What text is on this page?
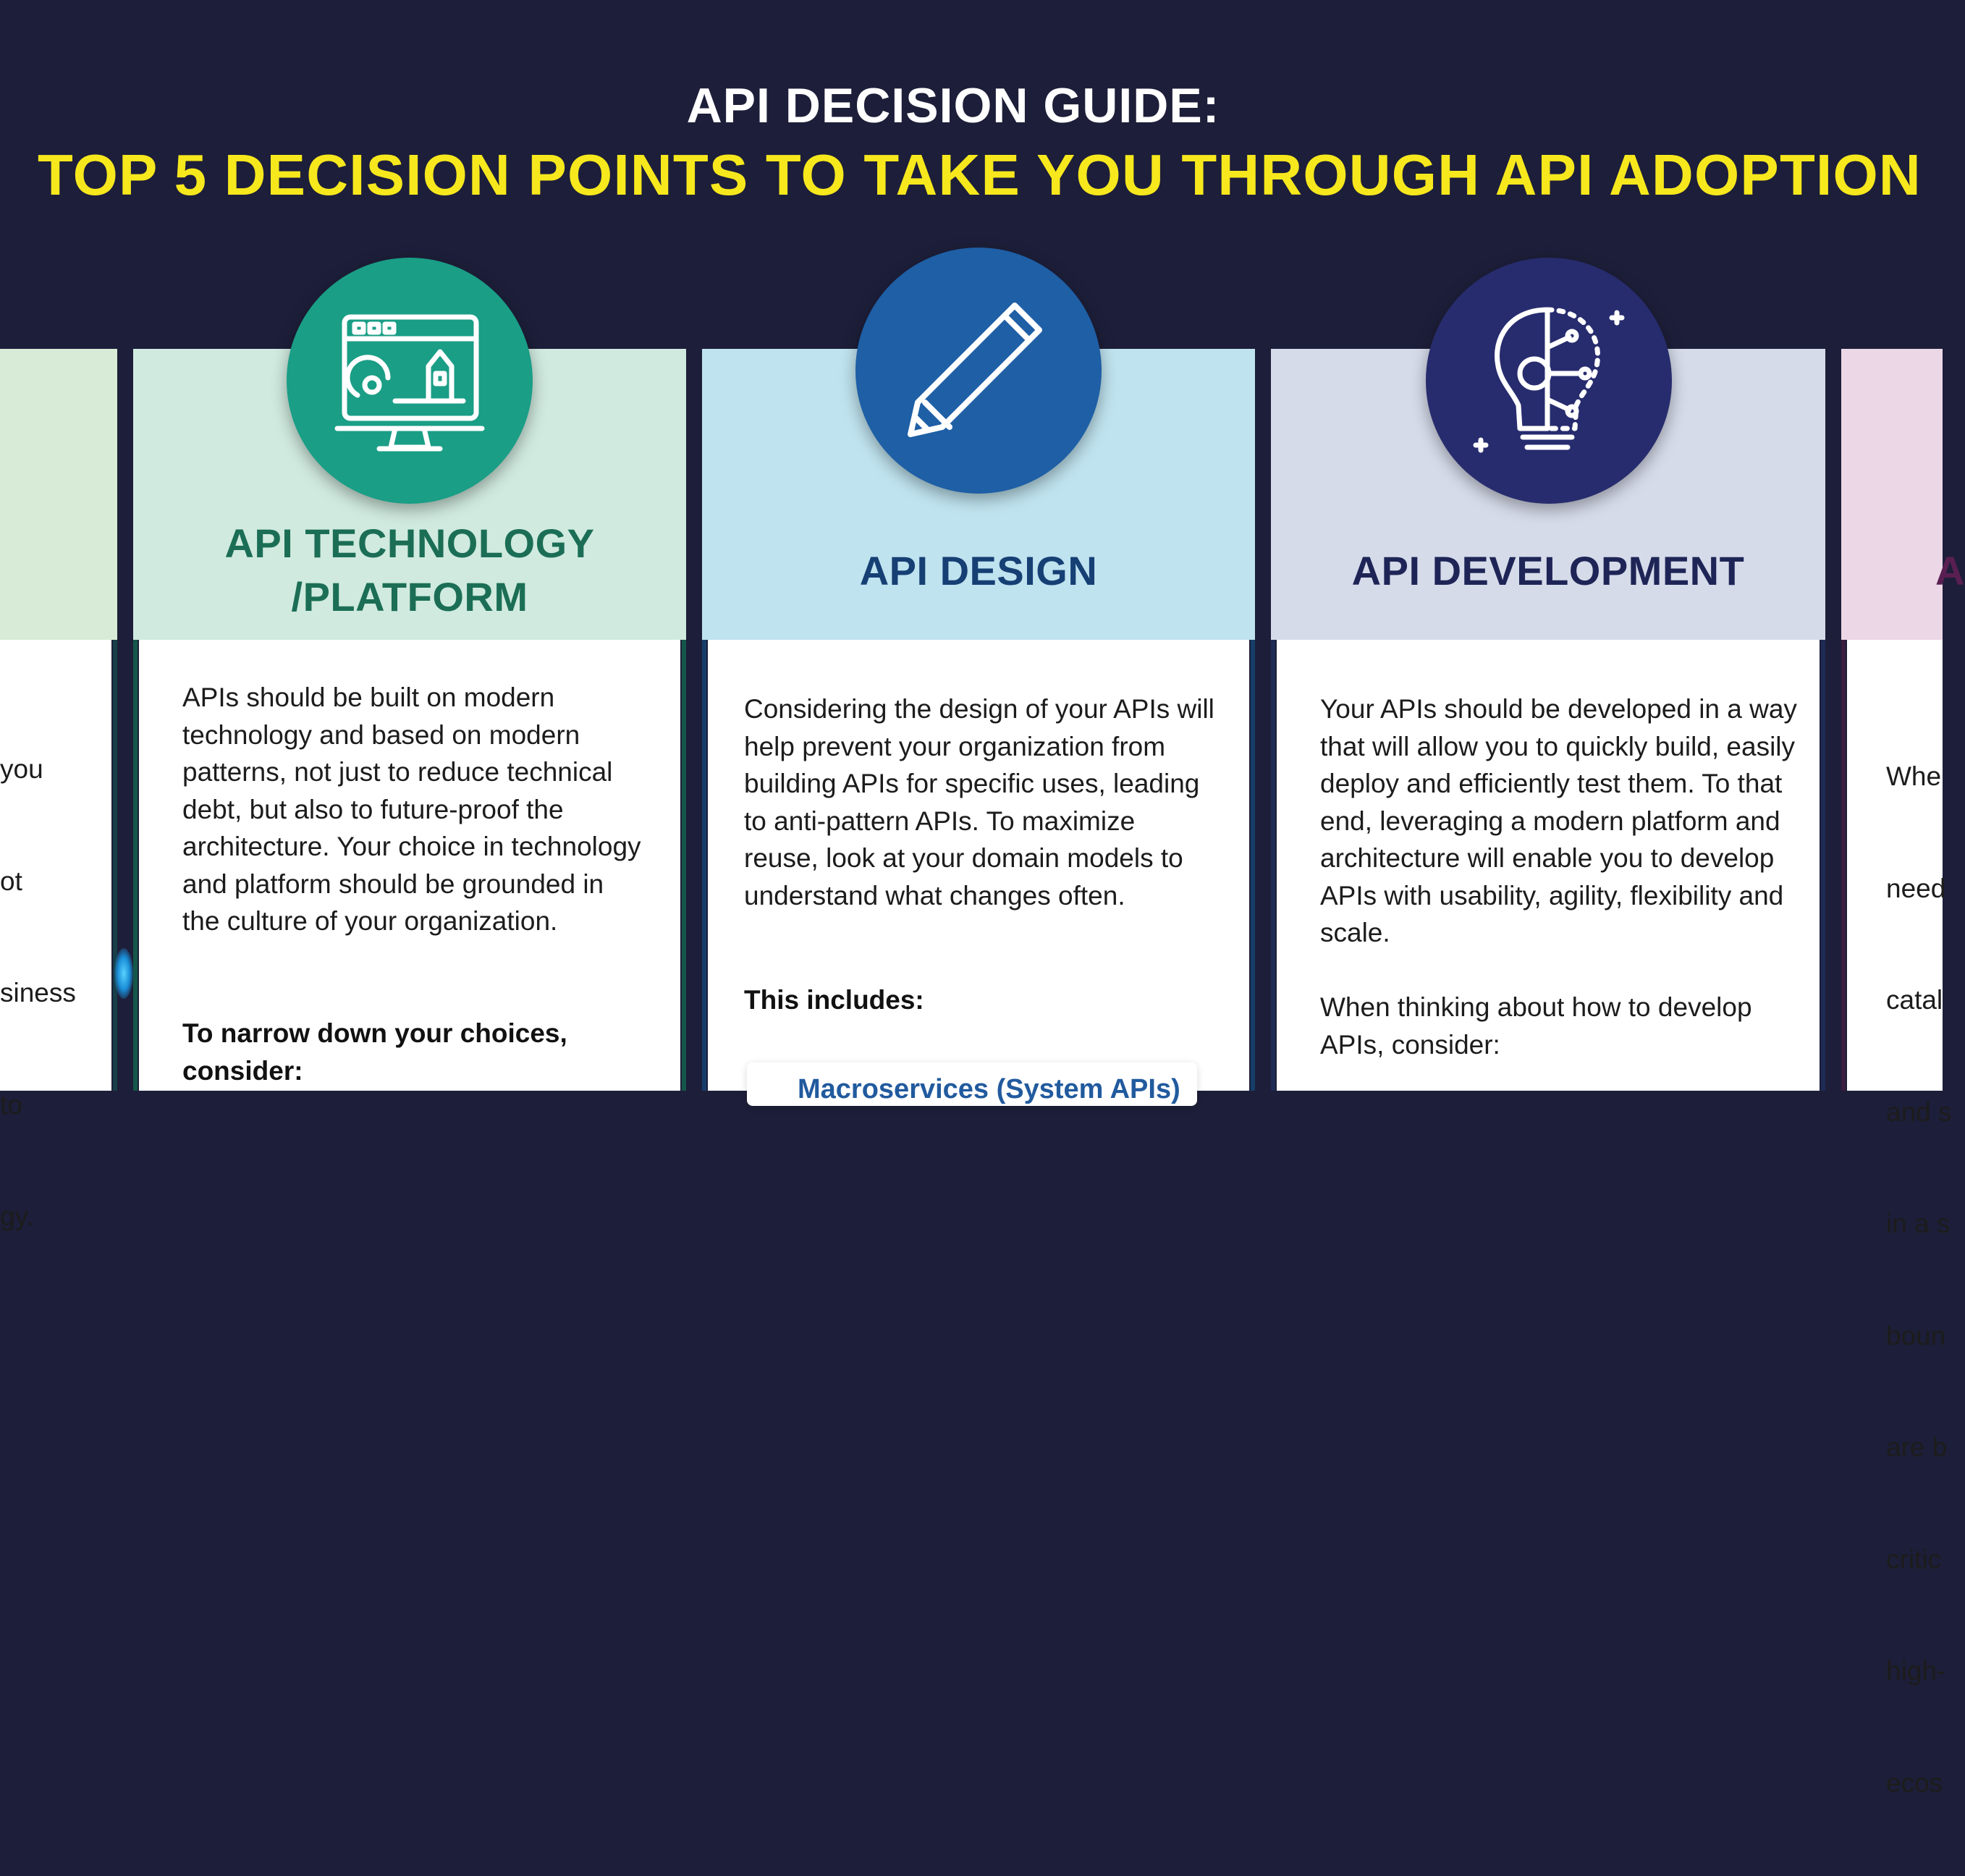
API DECISION GUIDE:
TOP 5 DECISION POINTS TO TAKE YOU THROUGH API ADOPTION

you

ot

siness

to

gy.

API TECHNOLOGY
/PLATFORM
APIs should be built on modern technology and based on modern patterns, not just to reduce technical debt, but also to future-proof the architecture. Your choice in technology and platform should be grounded in the culture of your organization.
To narrow down your choices, consider:
API DESIGN
Considering the design of your APIs will help prevent your organization from building APIs for specific uses, leading to anti-pattern APIs. To maximize reuse, look at your domain models to understand what changes often.
This includes:
Macroservices (System APIs)
API DEVELOPMENT
Your APIs should be developed in a way that will allow you to quickly build, easily deploy and efficiently test them. To that end, leveraging a modern platform and architecture will enable you to develop APIs with usability, agility, flexibility and scale.
When thinking about how to develop APIs, consider:
A

Whe

need

catal

and s

in a s

boun

are b

critic

high-

ecos
